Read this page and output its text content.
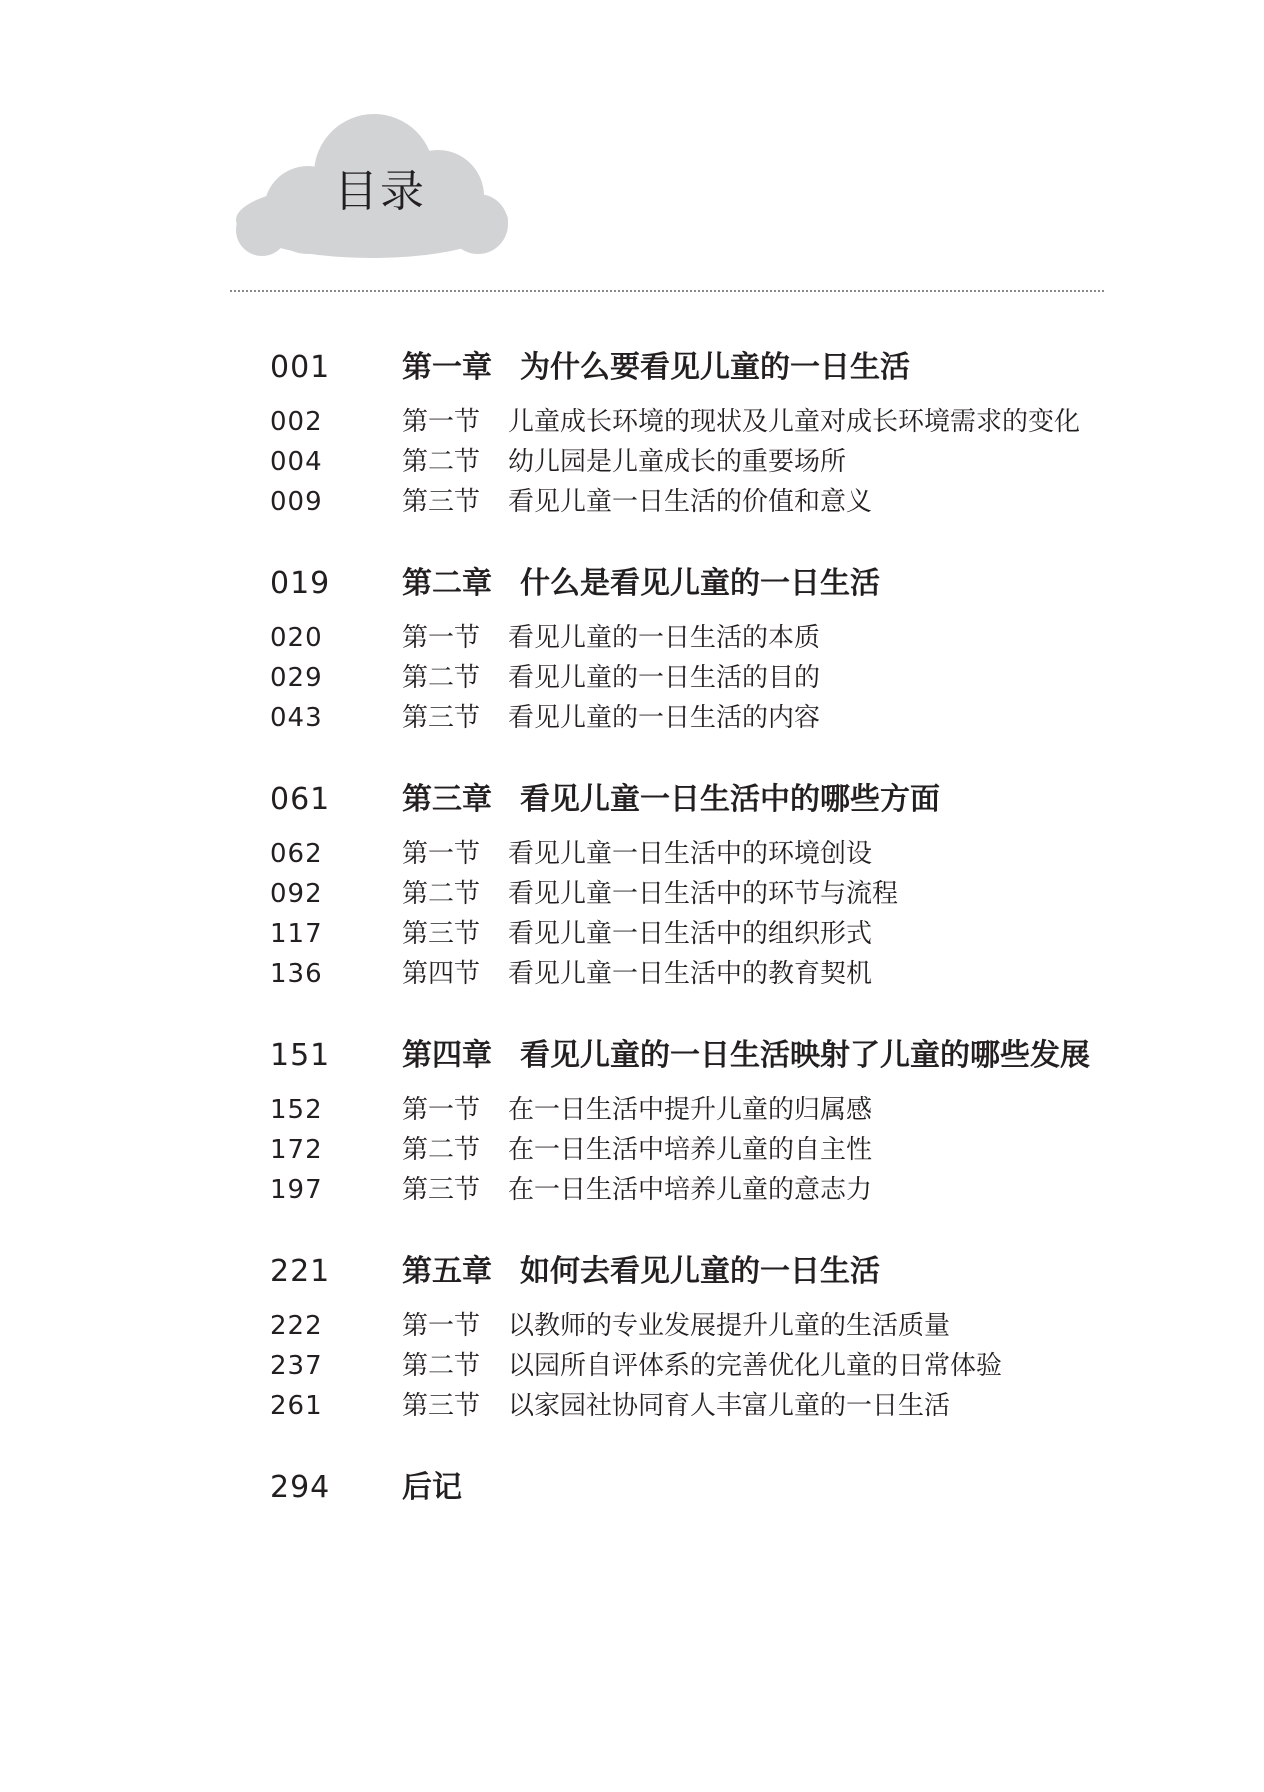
目录
001	第一章 为什么要看见儿童的一日生活
002	第一节 儿童成长环境的现状及儿童对成长环境需求的变化
004	第二节 幼儿园是儿童成长的重要场所
009	第三节 看见儿童一日生活的价值和意义
019	第二章 什么是看见儿童的一日生活
020	第一节 看见儿童的一日生活的本质
029	第二节 看见儿童的一日生活的目的
043	第三节 看见儿童的一日生活的内容
061	第三章 看见儿童一日生活中的哪些方面
062	第一节 看见儿童一日生活中的环境创设
092	第二节 看见儿童一日生活中的环节与流程
117	第三节 看见儿童一日生活中的组织形式
136	第四节 看见儿童一日生活中的教育契机
151	第四章 看见儿童的一日生活映射了儿童的哪些发展
152	第一节 在一日生活中提升儿童的归属感
172	第二节 在一日生活中培养儿童的自主性
197	第三节 在一日生活中培养儿童的意志力
221	第五章 如何去看见儿童的一日生活
222	第一节 以教师的专业发展提升儿童的生活质量
237	第二节 以园所自评体系的完善优化儿童的日常体验
261	第三节 以家园社协同育人丰富儿童的一日生活
294	后记
